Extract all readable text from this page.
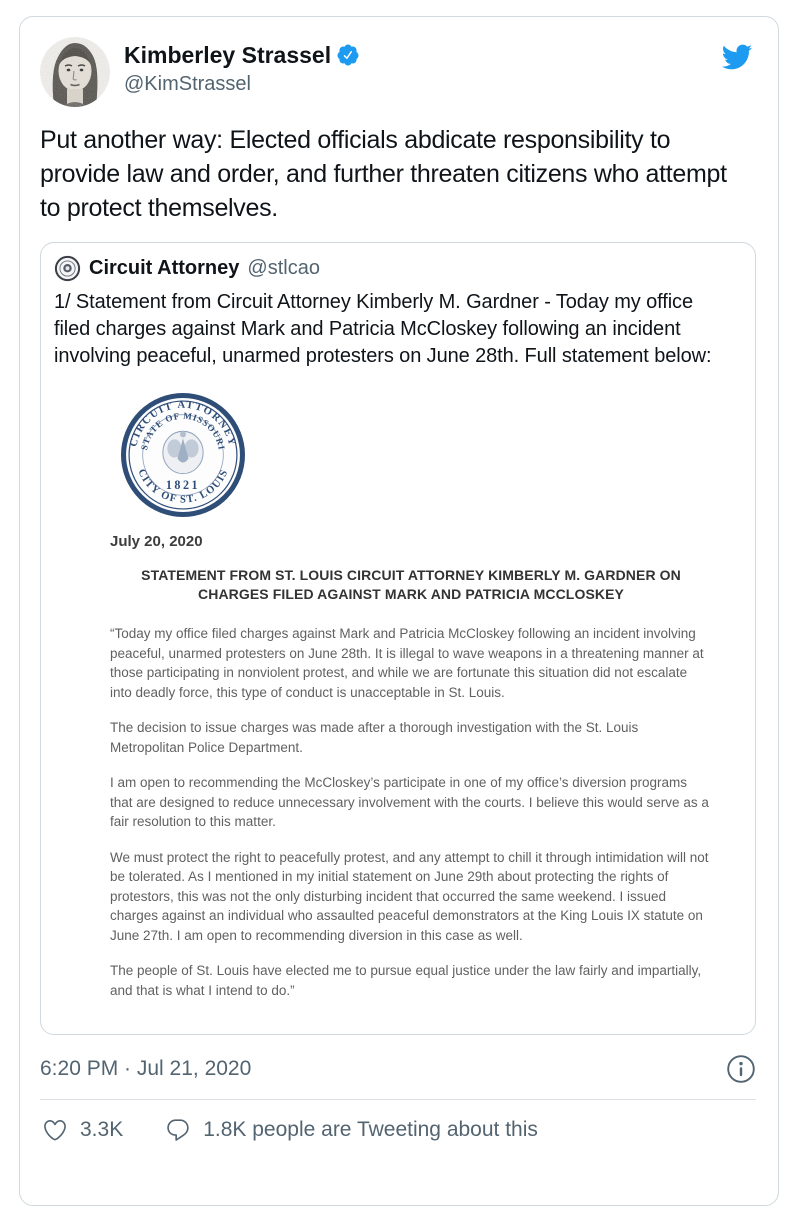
Kimberley Strassel
@KimStrassel
Put another way: Elected officials abdicate responsibility to provide law and order, and further threaten citizens who attempt to protect themselves.
Circuit Attorney @stlcao
1/ Statement from Circuit Attorney Kimberly M. Gardner - Today my office filed charges against Mark and Patricia McCloskey following an incident involving peaceful, unarmed protesters on June 28th. Full statement below:
CIRCUIT ATTORNEY
CITY OF ST. LOUIS
STATE OF MISSOURI
1821
July 20, 2020
STATEMENT FROM ST. LOUIS CIRCUIT ATTORNEY KIMBERLY M. GARDNER ON CHARGES FILED AGAINST MARK AND PATRICIA MCCLOSKEY

“Today my office filed charges against Mark and Patricia McCloskey following an incident involving peaceful, unarmed protesters on June 28th. It is illegal to wave weapons in a threatening manner at those participating in nonviolent protest, and while we are fortunate this situation did not escalate into deadly force, this type of conduct is unacceptable in St. Louis.

The decision to issue charges was made after a thorough investigation with the St. Louis Metropolitan Police Department.

I am open to recommending the McCloskey’s participate in one of my office’s diversion programs that are designed to reduce unnecessary involvement with the courts. I believe this would serve as a fair resolution to this matter.

We must protect the right to peacefully protest, and any attempt to chill it through intimidation will not be tolerated. As I mentioned in my initial statement on June 29th about protecting the rights of protestors, this was not the only disturbing incident that occurred the same weekend. I issued charges against an individual who assaulted peaceful demonstrators at the King Louis IX statute on June 27th. I am open to recommending diversion in this case as well.

The people of St. Louis have elected me to pursue equal justice under the law fairly and impartially, and that is what I intend to do.”

6:20 PM · Jul 21, 2020
3.3K	1.8K people are Tweeting about this
